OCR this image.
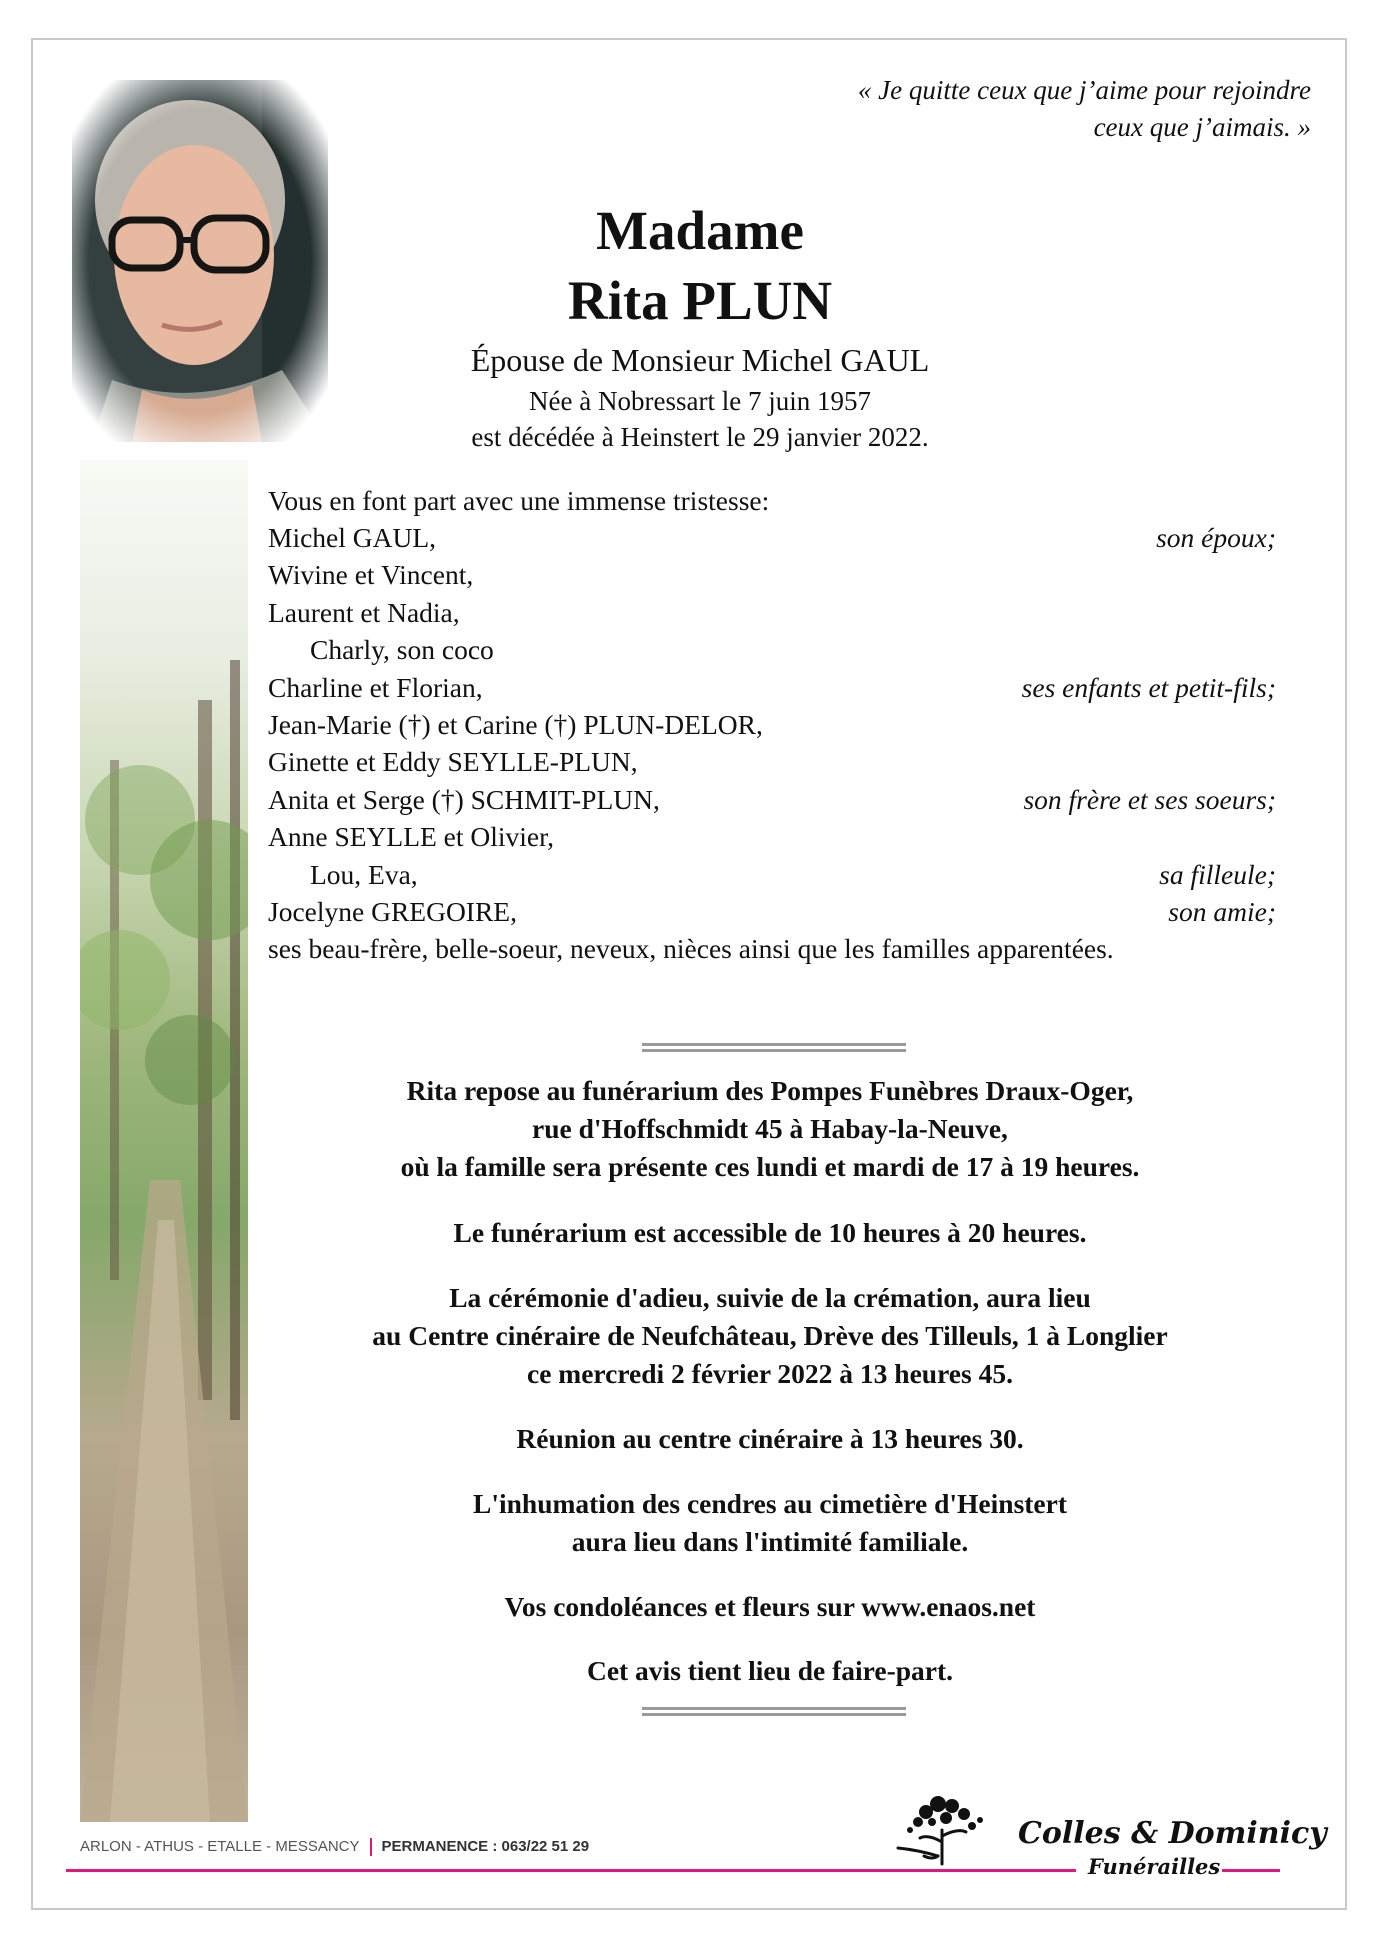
« Je quitte ceux que j’aime pour rejoindre
ceux que j’aimais. »
Madame
Rita PLUN
Épouse de Monsieur Michel GAUL
Née à Nobressart le 7 juin 1957
est décédée à Heinstert le 29 janvier 2022.
Vous en font part avec une immense tristesse:
Michel GAUL,	son époux;
Wivine et Vincent,
Laurent et Nadia,
Charly, son coco
Charline et Florian,	ses enfants et petit-fils;
Jean-Marie (†) et Carine (†) PLUN-DELOR,
Ginette et Eddy SEYLLE-PLUN,
Anita et Serge (†) SCHMIT-PLUN,	son frère et ses soeurs;
Anne SEYLLE et Olivier,
Lou, Eva,	sa filleule;
Jocelyne GREGOIRE,	son amie;
ses beau-frère, belle-soeur, neveux, nièces ainsi que les familles apparentées.
Rita repose au funérarium des Pompes Funèbres Draux-Oger,
rue d'Hoffschmidt 45 à Habay-la-Neuve,
où la famille sera présente ces lundi et mardi de 17 à 19 heures.
Le funérarium est accessible de 10 heures à 20 heures.
La cérémonie d'adieu, suivie de la crémation, aura lieu
au Centre cinéraire de Neufchâteau, Drève des Tilleuls, 1 à Longlier
ce mercredi 2 février 2022 à 13 heures 45.
Réunion au centre cinéraire à 13 heures 30.
L'inhumation des cendres au cimetière d'Heinstert
aura lieu dans l'intimité familiale.
Vos condoléances et fleurs sur www.enaos.net
Cet avis tient lieu de faire-part.
ARLON - ATHUS - ETALLE - MESSANCY PERMANENCE : 063/22 51 29	Colles & Dominicy
Funérailles
